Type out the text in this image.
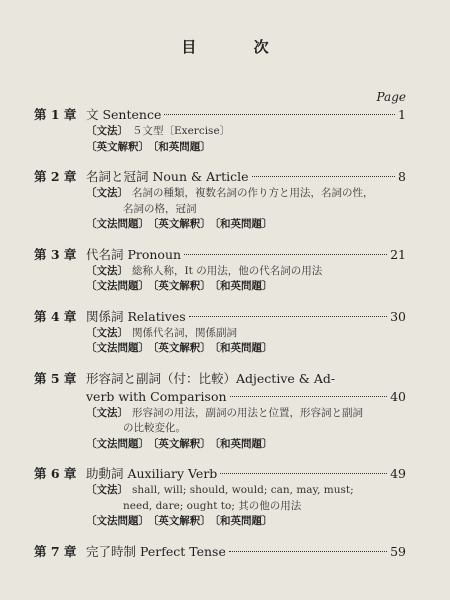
目 次
Page
第 1 章 文 Sentence	1
〔文法〕 ５文型〔Exercise〕
〔英文解釈〕 〔和英問題〕
第 2 章 名詞と冠詞 Noun & Article	8
〔文法〕 名詞の種類，複数名詞の作り方と用法，名詞の性，
名詞の格，冠詞
〔文法問題〕 〔英文解釈〕 〔和英問題〕
第 3 章 代名詞 Pronoun	21
〔文法〕 総称人称，It の用法，他の代名詞の用法
〔文法問題〕 〔英文解釈〕 〔和英問題〕
第 4 章 関係詞 Relatives	30
〔文法〕 関係代名詞，関係副詞
〔文法問題〕 〔英文解釈〕 〔和英問題〕
第 5 章 形容詞と副詞（付：比較）Adjective & Ad-
verb with Comparison	40
〔文法〕 形容詞の用法，副詞の用法と位置，形容詞と副詞
の比較変化。
〔文法問題〕 〔英文解釈〕 〔和英問題〕
第 6 章 助動詞 Auxiliary Verb	49
〔文法〕 shall, will; should, would; can, may, must;
need, dare; ought to; 其の他の用法
〔文法問題〕 〔英文解釈〕 〔和英問題〕
第 7 章 完了時制 Perfect Tense	59
